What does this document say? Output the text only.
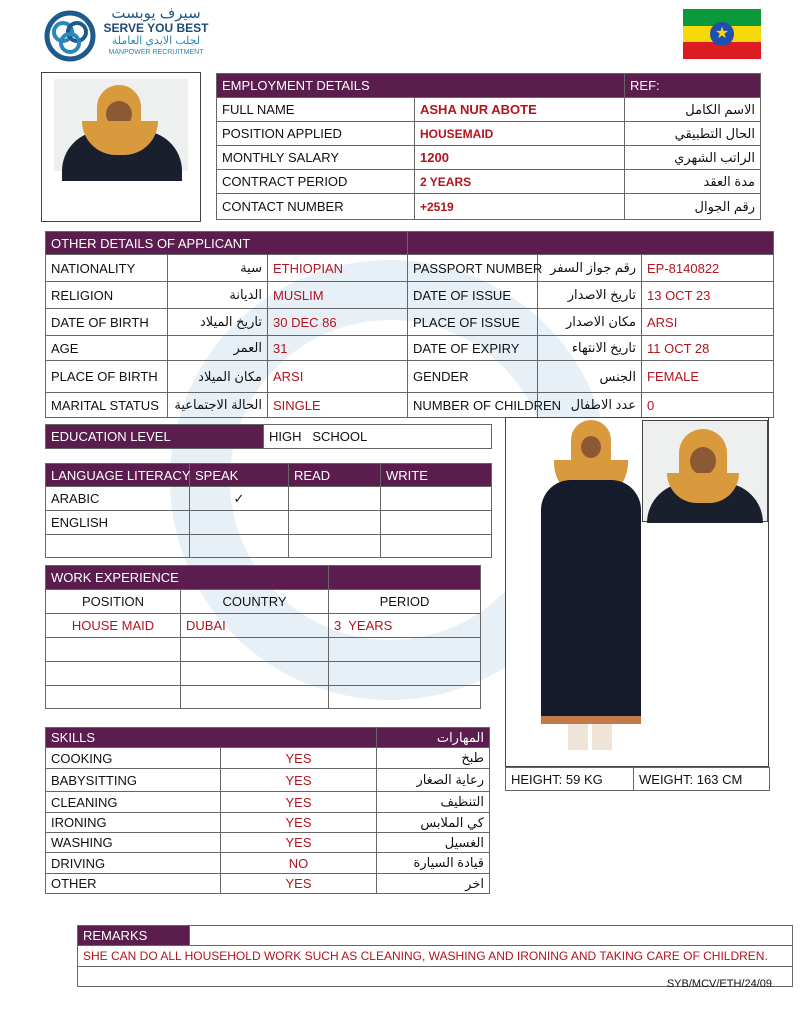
سيرف يوبست
SERVE YOU BEST
لجلب الايدي العاملة
MANPOWER RECRUITMENT
★
EMPLOYMENT DETAILS		REF:
FULL NAME	ASHA NUR ABOTE	الاسم الكامل
POSITION APPLIED	HOUSEMAID	الحال التطبيقي
MONTHLY SALARY	1200	الراتب الشهري
CONTRACT PERIOD	2 YEARS	مدة العقد
CONTACT NUMBER	+2519	رقم الجوال
OTHER DETAILS OF APPLICANT					
NATIONALITY	سية	ETHIOPIAN	PASSPORT NUMBER	رقم جواز السفر	EP-8140822
RELIGION	الديانة	MUSLIM	DATE OF ISSUE	تاريخ الاصدار	13 OCT 23
DATE OF BIRTH	تاريخ الميلاد	30 DEC 86	PLACE OF ISSUE	مكان الاصدار	ARSI
AGE	العمر	31	DATE OF EXPIRY	تاريخ الانتهاء	11 OCT 28
PLACE OF BIRTH	مكان الميلاد	ARSI	GENDER	الجنس	FEMALE
MARITAL STATUS	الحالة الاجتماعية	SINGLE	NUMBER OF CHILDREN	عدد الاطفال	0
EDUCATION LEVEL	HIGH   SCHOOL
LANGUAGE LITERACY	SPEAK	READ	WRITE
ARABIC	✓		
ENGLISH			

WORK EXPERIENCE		
POSITION	COUNTRY	PERIOD
HOUSE MAID	DUBAI	3  YEARS

SKILLS		المهارات
COOKING	YES	طبخ
BABYSITTING	YES	رعاية الصغار
CLEANING	YES	التنظيف
IRONING	YES	كي الملابس
WASHING	YES	الغسيل
DRIVING	NO	قيادة السيارة
OTHER	YES	اخر
HEIGHT: 59 KG	WEIGHT: 163 CM
REMARKS	
SHE CAN DO ALL HOUSEHOLD WORK SUCH AS CLEANING, WASHING AND IRONING AND TAKING CARE OF CHILDREN.

SYB/MCV/ETH/24/09
